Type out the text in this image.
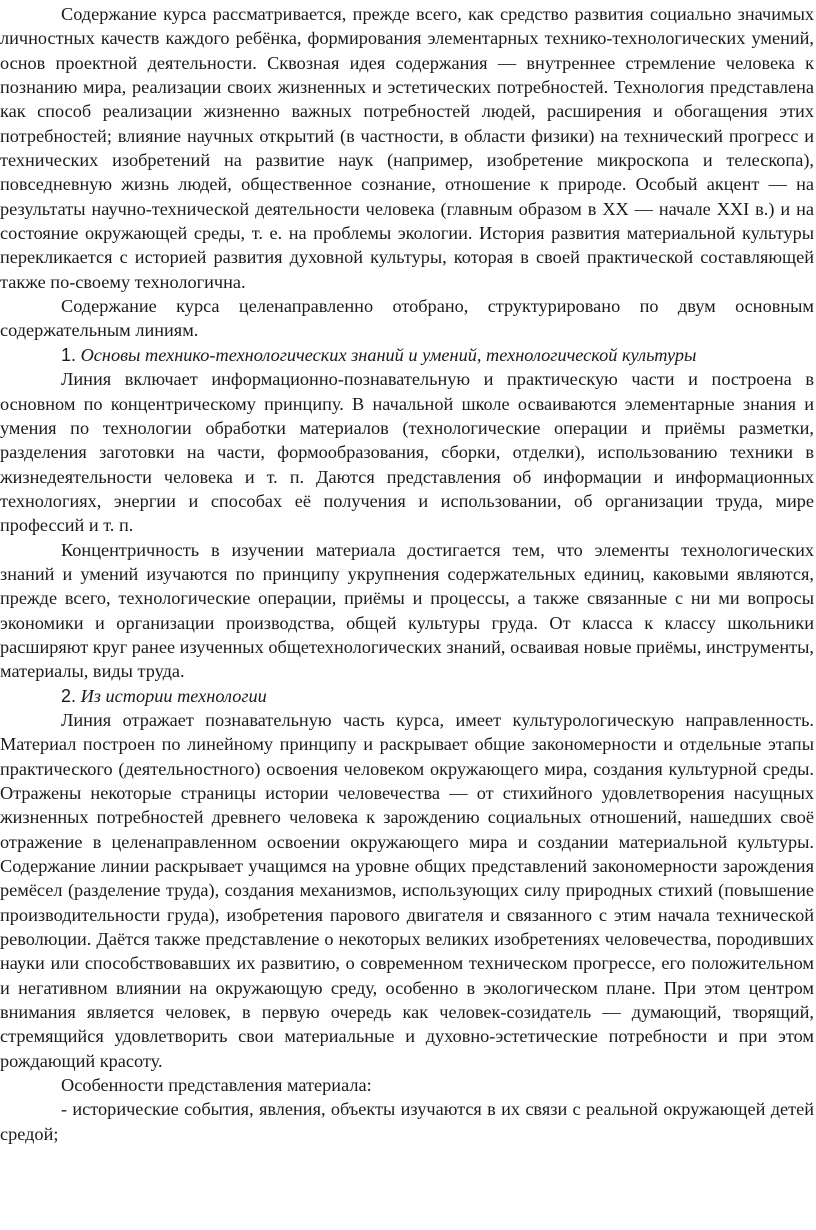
Содержание курса рассматривается, прежде всего, как средство развития социально значимых личностных качеств каждого ребёнка, формирования элементарных технико-технологических умений, основ проектной деятельности. Сквозная идея содержания — внутреннее стремление человека к познанию мира, реализации своих жизненных и эстетических потребностей. Технология представлена как способ реализации жизненно важных потребностей людей, расширения и обогащения этих потребностей; влияние научных открытий (в частности, в области физики) на технический прогресс и технических изобретений на развитие наук (например, изобретение микроскопа и телескопа), повседневную жизнь людей, общественное сознание, отношение к природе. Особый акцент — на результаты научно-технической деятельности человека (главным образом в XX — начале XXI в.) и на состояние окружающей среды, т. е. на проблемы экологии. История развития материальной культуры перекликается с историей развития духовной культуры, которая в своей практической составляющей также по-своему технологична.

Содержание курса целенаправленно отобрано, структурировано по двум основным содержательным линиям.

1. Основы технико-технологических знаний и умений, технологической культуры

Линия включает информационно-познавательную и практическую части и построена в основном по концентрическому принципу. В начальной школе осваиваются элементарные знания и умения по технологии обработки материалов (технологические операции и приёмы разметки, разделения заготовки на части, формообразования, сборки, отделки), использованию техники в жизнедеятельности человека и т. п. Даются представления об информации и информационных технологиях, энергии и способах её получения и использовании, об организации труда, мире профессий и т. п.

Концентричность в изучении материала достигается тем, что элементы технологических знаний и умений изучаются по принципу укрупнения содержательных единиц, каковыми являются, прежде всего, технологические операции, приёмы и процессы, а также связанные с ни ми вопросы экономики и организации производства, общей культуры груда. От класса к классу школьники расширяют круг ранее изученных общетехнологических знаний, осваивая новые приёмы, инструменты, материалы, виды труда.

2. Из истории технологии

Линия отражает познавательную часть курса, имеет культурологическую направленность. Материал построен по линейному принципу и раскрывает общие закономерности и отдельные этапы практического (деятельностного) освоения человеком окружающего мира, создания культурной среды. Отражены некоторые страницы истории человечества — от стихийного удовлетворения насущных жизненных потребностей древнего человека к зарождению социальных отношений, нашедших своё отражение в целенаправленном освоении окружающего мира и создании материальной культуры. Содержание линии раскрывает учащимся на уровне общих представлений закономерности зарождения ремёсел (разделение труда), создания механизмов, использующих силу природных стихий (повышение производительности груда), изобретения парового двигателя и связанного с этим начала технической революции. Даётся также представление о некоторых великих изобретениях человечества, породивших науки или способствовавших их развитию, о современном техническом прогрессе, его положительном и негативном влиянии на окружающую среду, особенно в экологическом плане. При этом центром внимания является человек, в первую очередь как человек-созидатель — думающий, творящий, стремящийся удовлетворить свои материальные и духовно-эстетические потребности и при этом рождающий красоту.

Особенности представления материала:

- исторические события, явления, объекты изучаются в их связи с реальной окружающей детей средой;
